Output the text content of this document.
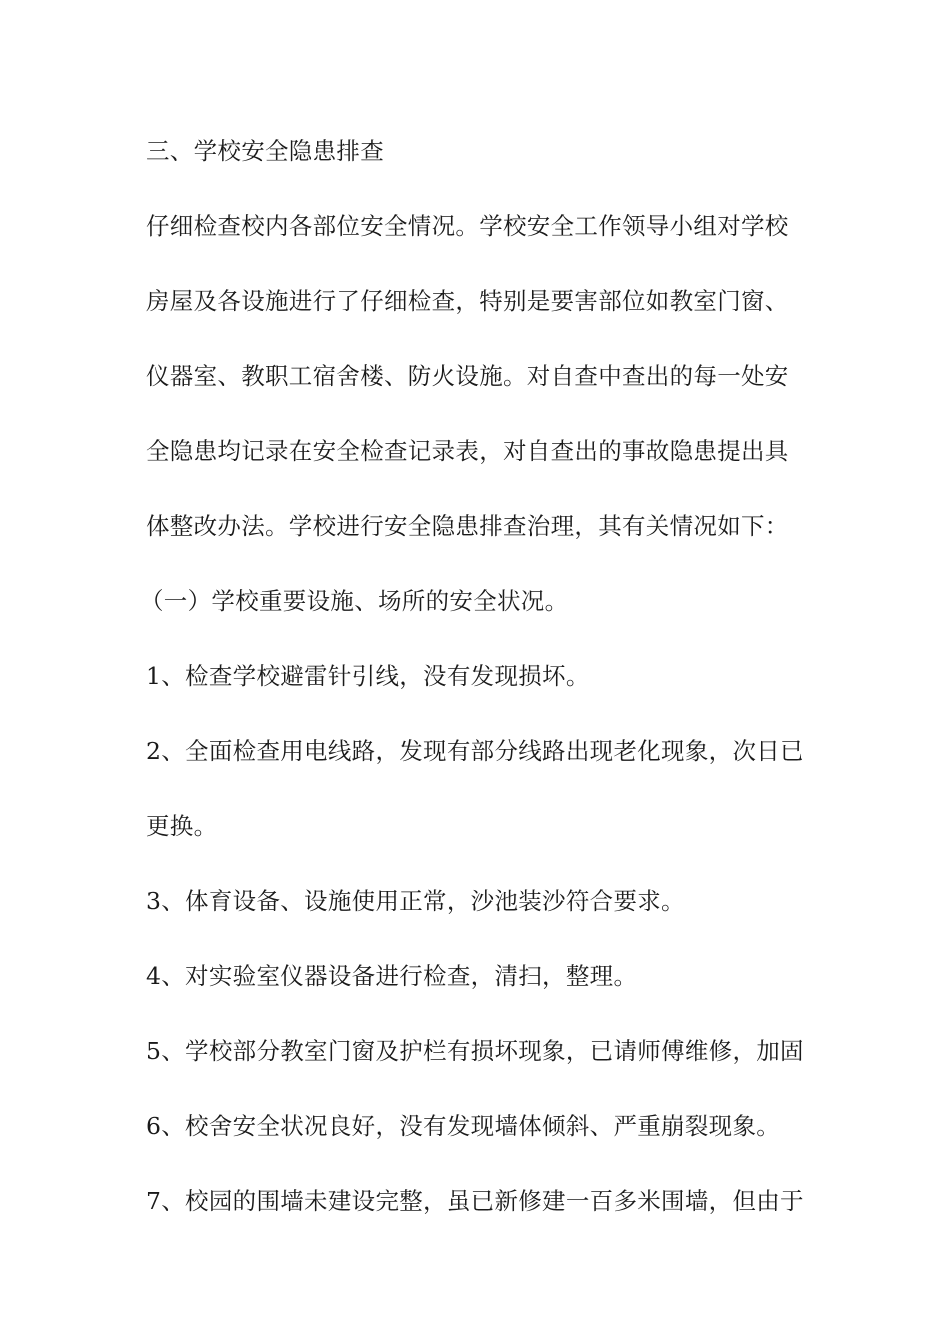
三、学校安全隐患排查
仔细检查校内各部位安全情况。学校安全工作领导小组对学校
房屋及各设施进行了仔细检查，特别是要害部位如教室门窗、
仪器室、教职工宿舍楼、防火设施。对自查中查出的每一处安
全隐患均记录在安全检查记录表，对自查出的事故隐患提出具
体整改办法。学校进行安全隐患排查治理，其有关情况如下：
（一）学校重要设施、场所的安全状况。
1、检查学校避雷针引线，没有发现损坏。
2、全面检查用电线路，发现有部分线路出现老化现象，次日已
更换。
3、体育设备、设施使用正常，沙池装沙符合要求。
4、对实验室仪器设备进行检查，清扫，整理。
5、学校部分教室门窗及护栏有损坏现象，已请师傅维修，加固
6、校舍安全状况良好，没有发现墙体倾斜、严重崩裂现象。
7、校园的围墙未建设完整，虽已新修建一百多米围墙，但由于
